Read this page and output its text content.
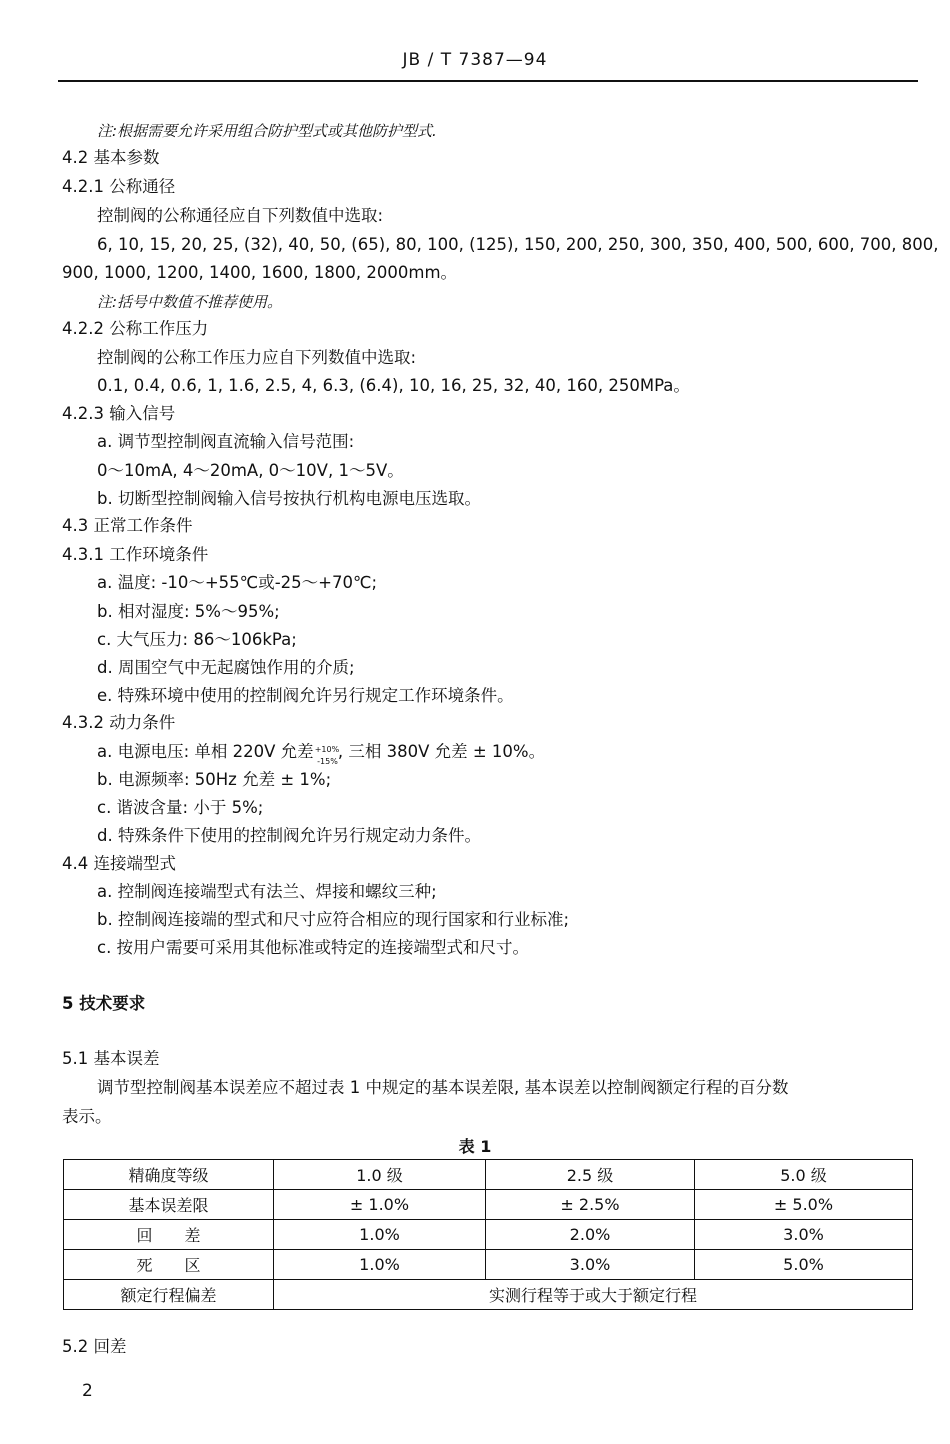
JB / T 7387—94
注:根据需要允许采用组合防护型式或其他防护型式.
4.2 基本参数
4.2.1 公称通径
控制阀的公称通径应自下列数值中选取:
6, 10, 15, 20, 25, (32), 40, 50, (65), 80, 100, (125), 150, 200, 250, 300, 350, 400, 500, 600, 700, 800,
900, 1000, 1200, 1400, 1600, 1800, 2000mm。
注:括号中数值不推荐使用。
4.2.2 公称工作压力
控制阀的公称工作压力应自下列数值中选取:
0.1, 0.4, 0.6, 1, 1.6, 2.5, 4, 6.3, (6.4), 10, 16, 25, 32, 40, 160, 250MPa。
4.2.3 输入信号
a. 调节型控制阀直流输入信号范围:
0～10mA, 4～20mA, 0～10V, 1～5V。
b. 切断型控制阀输入信号按执行机构电源电压选取。
4.3 正常工作条件
4.3.1 工作环境条件
a. 温度: -10～+55℃或-25～+70℃;
b. 相对湿度: 5%～95%;
c. 大气压力: 86～106kPa;
d. 周围空气中无起腐蚀作用的介质;
e. 特殊环境中使用的控制阀允许另行规定工作环境条件。
4.3.2 动力条件
a. 电源电压: 单相 220V 允差+10%-15%, 三相 380V 允差 ± 10%。
b. 电源频率: 50Hz 允差 ± 1%;
c. 谐波含量: 小于 5%;
d. 特殊条件下使用的控制阀允许另行规定动力条件。
4.4 连接端型式
a. 控制阀连接端型式有法兰、焊接和螺纹三种;
b. 控制阀连接端的型式和尺寸应符合相应的现行国家和行业标准;
c. 按用户需要可采用其他标准或特定的连接端型式和尺寸。
5 技术要求
5.1 基本误差
调节型控制阀基本误差应不超过表 1 中规定的基本误差限, 基本误差以控制阀额定行程的百分数
表示。
表 1
精确度等级	1.0 级	2.5 级	5.0 级
基本误差限	± 1.0%	± 2.5%	± 5.0%
回　　差	1.0%	2.0%	3.0%
死　　区	1.0%	3.0%	5.0%
额定行程偏差	实测行程等于或大于额定行程		
5.2 回差
2
